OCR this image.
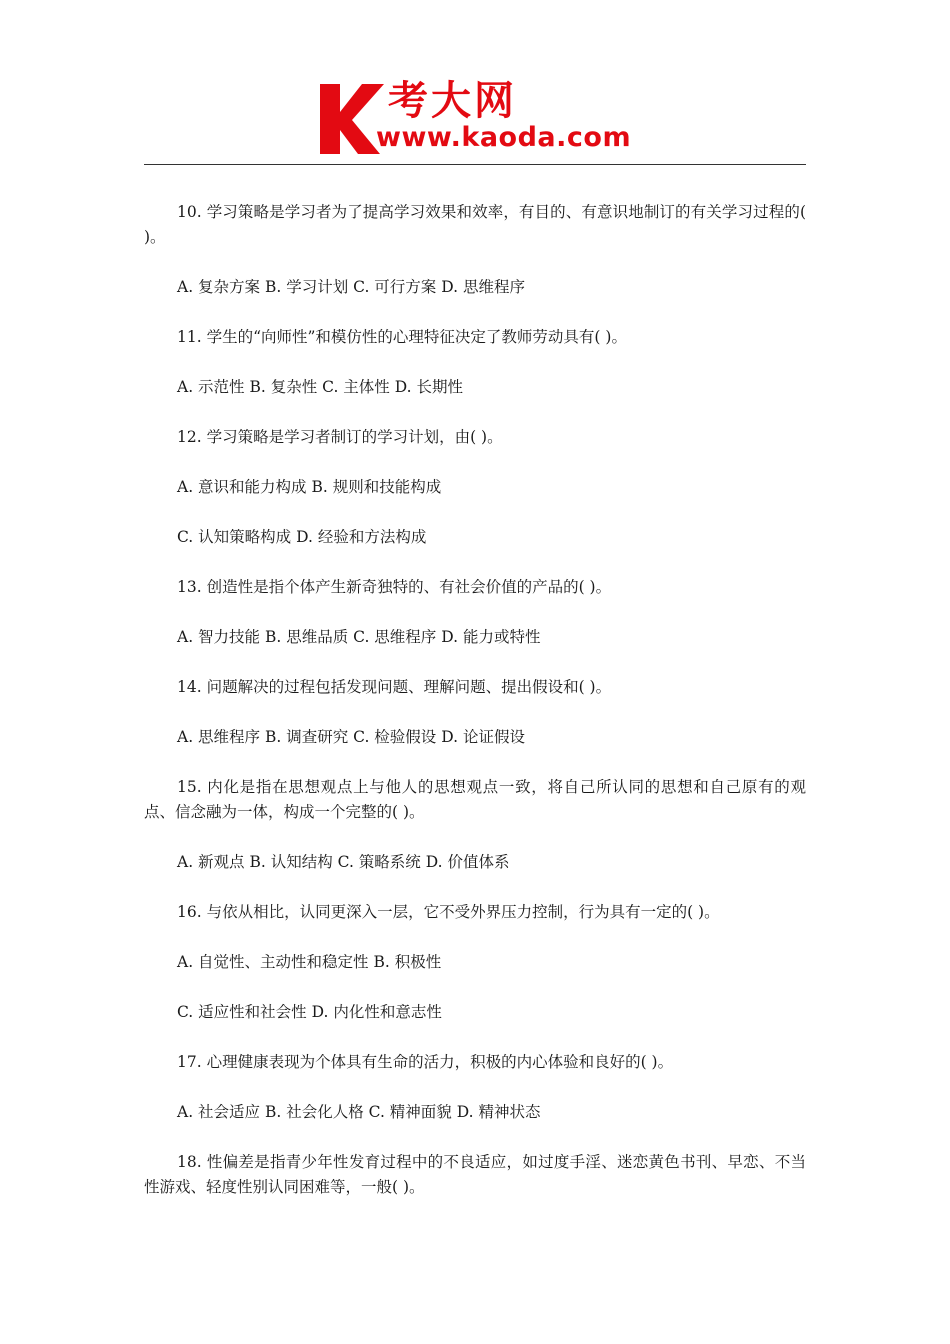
考大网
www.kaoda.com

10. 学习策略是学习者为了提高学习效果和效率，有目的、有意识地制订的有关学习过程的( )。

A. 复杂方案 B. 学习计划 C. 可行方案 D. 思维程序

11. 学生的“向师性”和模仿性的心理特征决定了教师劳动具有( )。

A. 示范性 B. 复杂性 C. 主体性 D. 长期性

12. 学习策略是学习者制订的学习计划，由( )。

A. 意识和能力构成 B. 规则和技能构成

C. 认知策略构成 D. 经验和方法构成

13. 创造性是指个体产生新奇独特的、有社会价值的产品的( )。

A. 智力技能 B. 思维品质 C. 思维程序 D. 能力或特性

14. 问题解决的过程包括发现问题、理解问题、提出假设和( )。

A. 思维程序 B. 调查研究 C. 检验假设 D. 论证假设

15. 内化是指在思想观点上与他人的思想观点一致，将自己所认同的思想和自己原有的观点、信念融为一体，构成一个完整的( )。

A. 新观点 B. 认知结构 C. 策略系统 D. 价值体系

16. 与依从相比，认同更深入一层，它不受外界压力控制，行为具有一定的( )。

A. 自觉性、主动性和稳定性 B. 积极性

C. 适应性和社会性 D. 内化性和意志性

17. 心理健康表现为个体具有生命的活力，积极的内心体验和良好的( )。

A. 社会适应 B. 社会化人格 C. 精神面貌 D. 精神状态

18. 性偏差是指青少年性发育过程中的不良适应，如过度手淫、迷恋黄色书刊、早恋、不当性游戏、轻度性别认同困难等，一般( )。
